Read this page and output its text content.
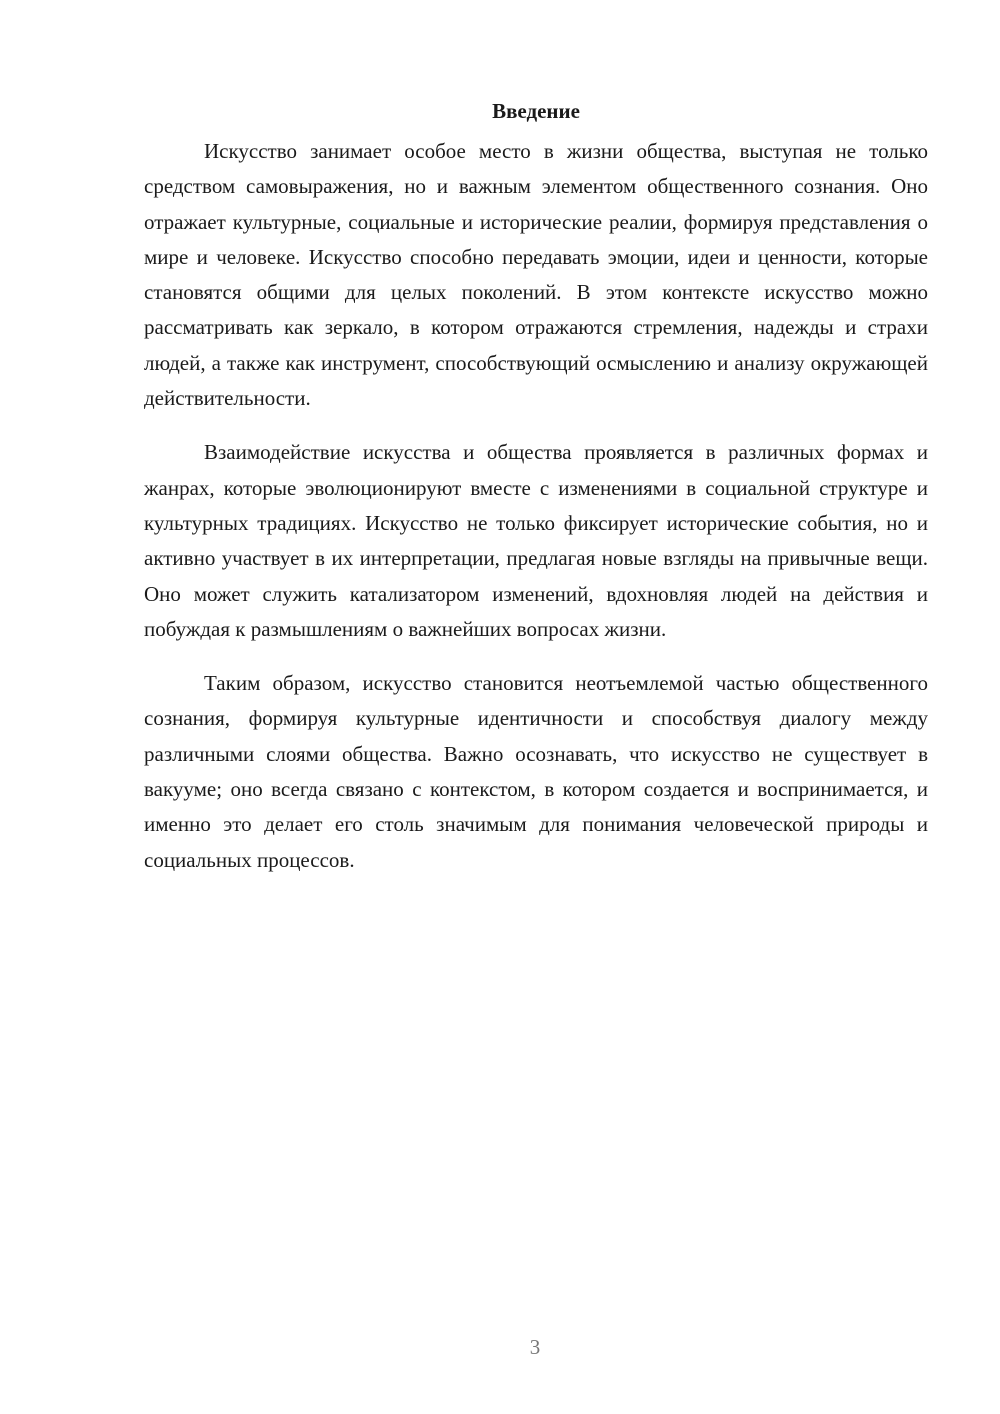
Введение

Искусство занимает особое место в жизни общества, выступая не только средством самовыражения, но и важным элементом общественного сознания. Оно отражает культурные, социальные и исторические реалии, формируя представления о мире и человеке. Искусство способно передавать эмоции, идеи и ценности, которые становятся общими для целых поколений. В этом контексте искусство можно рассматривать как зеркало, в котором отражаются стремления, надежды и страхи людей, а также как инструмент, способствующий осмыслению и анализу окружающей действительности.

Взаимодействие искусства и общества проявляется в различных формах и жанрах, которые эволюционируют вместе с изменениями в социальной структуре и культурных традициях. Искусство не только фиксирует исторические события, но и активно участвует в их интерпретации, предлагая новые взгляды на привычные вещи. Оно может служить катализатором изменений, вдохновляя людей на действия и побуждая к размышлениям о важнейших вопросах жизни.

Таким образом, искусство становится неотъемлемой частью общественного сознания, формируя культурные идентичности и способствуя диалогу между различными слоями общества. Важно осознавать, что искусство не существует в вакууме; оно всегда связано с контекстом, в котором создается и воспринимается, и именно это делает его столь значимым для понимания человеческой природы и социальных процессов.

3
